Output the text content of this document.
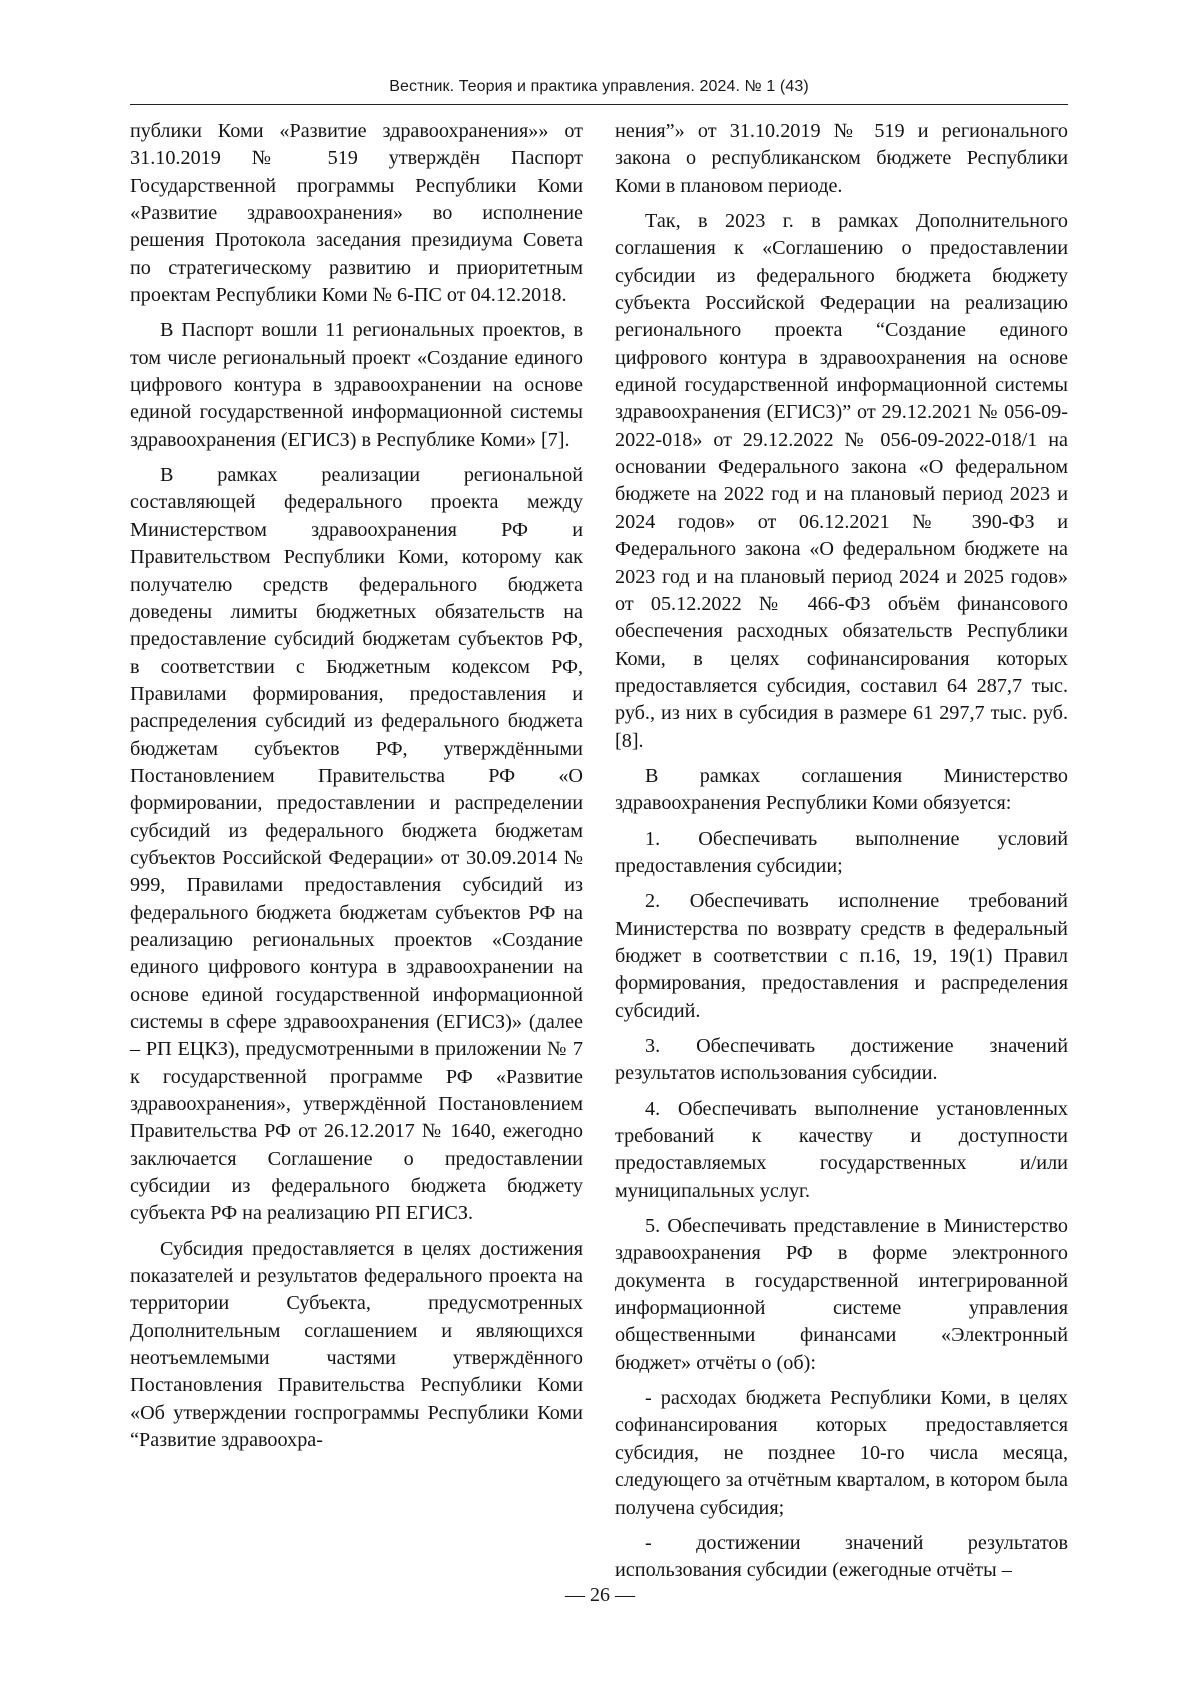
Вестник. Теория и практика управления. 2024. № 1 (43)

публики Коми «Развитие здравоохранения»» от 31.10.2019 № 519 утверждён Паспорт Государственной программы Республики Коми «Развитие здравоохранения» во исполнение решения Протокола заседания президиума Совета по стратегическому развитию и приоритетным проектам Республики Коми № 6-ПС от 04.12.2018.

В Паспорт вошли 11 региональных проектов, в том числе региональный проект «Создание единого цифрового контура в здравоохранении на основе единой государственной информационной системы здравоохранения (ЕГИСЗ) в Республике Коми» [7].

В рамках реализации региональной составляющей федерального проекта между Министерством здравоохранения РФ и Правительством Республики Коми, которому как получателю средств федерального бюджета доведены лимиты бюджетных обязательств на предоставление субсидий бюджетам субъектов РФ, в соответствии с Бюджетным кодексом РФ, Правилами формирования, предоставления и распределения субсидий из федерального бюджета бюджетам субъектов РФ, утверждёнными Постановлением Правительства РФ «О формировании, предоставлении и распределении субсидий из федерального бюджета бюджетам субъектов Российской Федерации» от 30.09.2014 № 999, Правилами предоставления субсидий из федерального бюджета бюджетам субъектов РФ на реализацию региональных проектов «Создание единого цифрового контура в здравоохранении на основе единой государственной информационной системы в сфере здравоохранения (ЕГИСЗ)» (далее – РП ЕЦКЗ), предусмотренными в приложении № 7 к государственной программе РФ «Развитие здравоохранения», утверждённой Постановлением Правительства РФ от 26.12.2017 № 1640, ежегодно заключается Соглашение о предоставлении субсидии из федерального бюджета бюджету субъекта РФ на реализацию РП ЕГИСЗ.

Субсидия предоставляется в целях достижения показателей и результатов федерального проекта на территории Субъекта, предусмотренных Дополнительным соглашением и являющихся неотъемлемыми частями утверждённого Постановления Правительства Республики Коми «Об утверждении госпрограммы Республики Коми “Развитие здравоохра-

нения”» от 31.10.2019 № 519 и регионального закона о республиканском бюджете Республики Коми в плановом периоде.

Так, в 2023 г. в рамках Дополнительного соглашения к «Соглашению о предоставлении субсидии из федерального бюджета бюджету субъекта Российской Федерации на реализацию регионального проекта “Создание единого цифрового контура в здравоохранения на основе единой государственной информационной системы здравоохранения (ЕГИСЗ)” от 29.12.2021 № 056-09-2022-018» от 29.12.2022 № 056-09-2022-018/1 на основании Федерального закона «О федеральном бюджете на 2022 год и на плановый период 2023 и 2024 годов» от 06.12.2021 № 390-ФЗ и Федерального закона «О федеральном бюджете на 2023 год и на плановый период 2024 и 2025 годов» от 05.12.2022 № 466-ФЗ объём финансового обеспечения расходных обязательств Республики Коми, в целях софинансирования которых предоставляется субсидия, составил 64 287,7 тыс. руб., из них в субсидия в размере 61 297,7 тыс. руб. [8].

В рамках соглашения Министерство здравоохранения Республики Коми обязуется:

1. Обеспечивать выполнение условий предоставления субсидии;

2. Обеспечивать исполнение требований Министерства по возврату средств в федеральный бюджет в соответствии с п.16, 19, 19(1) Правил формирования, предоставления и распределения субсидий.

3. Обеспечивать достижение значений результатов использования субсидии.

4. Обеспечивать выполнение установленных требований к качеству и доступности предоставляемых государственных и/или муниципальных услуг.

5. Обеспечивать представление в Министерство здравоохранения РФ в форме электронного документа в государственной интегрированной информационной системе управления общественными финансами «Электронный бюджет» отчёты о (об):

- расходах бюджета Республики Коми, в целях софинансирования которых предоставляется субсидия, не позднее 10-го числа месяца, следующего за отчётным кварталом, в котором была получена субсидия;

- достижении значений результатов использования субсидии (ежегодные отчёты –

— 26 —
